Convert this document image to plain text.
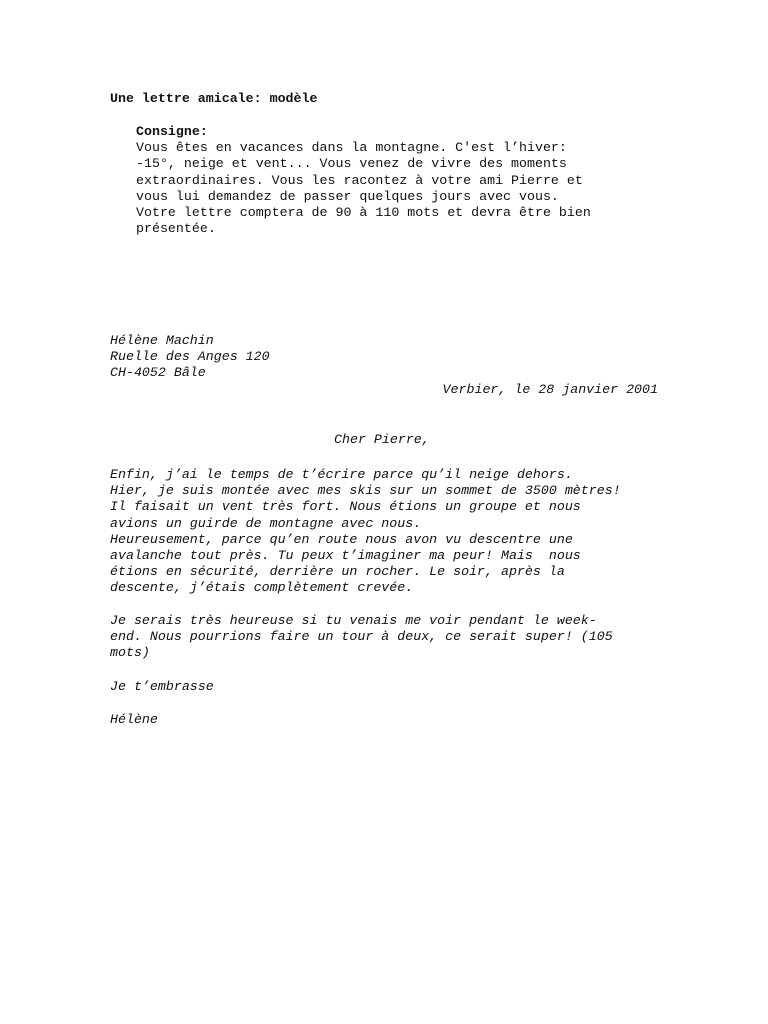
Une lettre amicale: modèle
Consigne:
Vous êtes en vacances dans la montagne. C'est l’hiver:
-15°, neige et vent... Vous venez de vivre des moments
extraordinaires. Vous les racontez à votre ami Pierre et
vous lui demandez de passer quelques jours avec vous.
Votre lettre comptera de 90 à 110 mots et devra être bien
présentée.
Hélène Machin
Ruelle des Anges 120
CH-4052 Bâle
Verbier, le 28 janvier 2001
Cher Pierre,
Enfin, j’ai le temps de t’écrire parce qu’il neige dehors.
Hier, je suis montée avec mes skis sur un sommet de 3500 mètres!
Il faisait un vent très fort. Nous étions un groupe et nous
avions un guirde de montagne avec nous.
Heureusement, parce qu’en route nous avon vu descentre une
avalanche tout près. Tu peux t’imaginer ma peur! Mais  nous
étions en sécurité, derrière un rocher. Le soir, après la
descente, j’étais complètement crevée.
Je serais très heureuse si tu venais me voir pendant le week-
end. Nous pourrions faire un tour à deux, ce serait super! (105
mots)
Je t’embrasse
Hélène
